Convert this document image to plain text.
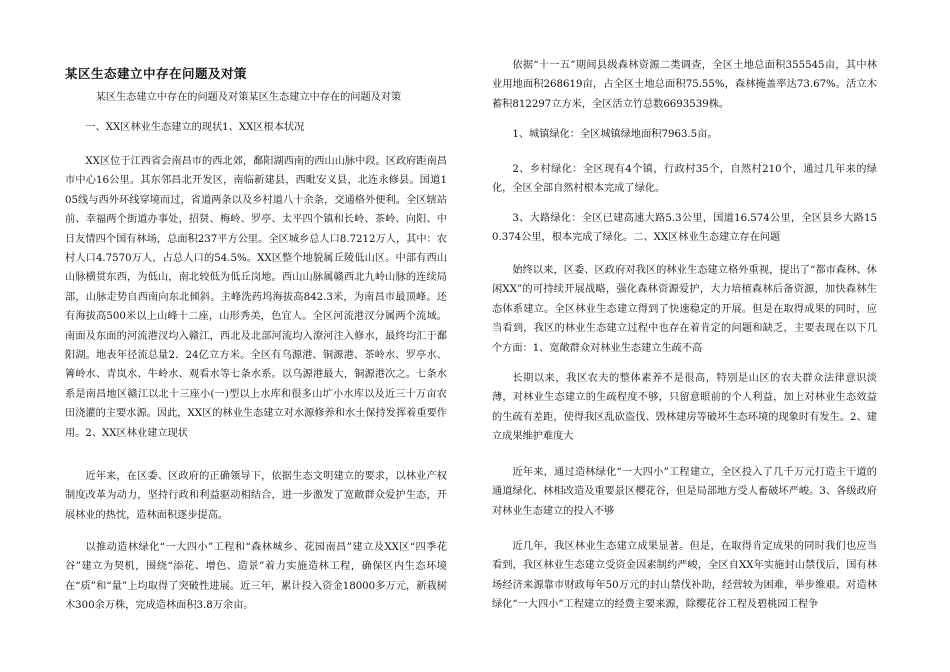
某区生态建立中存在问题及对策

某区生态建立中存在的问题及对策某区生态建立中存在的问题及对策

一、XX区林业生态建立的现状1、XX区根本状况

XX区位于江西省会南昌市的西北郊，鄱阳湖西南的西山山脉中段。区政府距南昌市中心16公里。其东邻昌北开发区，南临新建县，西毗安义县，北连永修县。国道105线与西外环线穿境而过，省道两条以及乡村道八十余条，交通格外便利。全区辖站前、幸福两个街道办事处，招贤、梅岭、罗亭、太平四个镇和长岭、茶岭、向阳、中日友情四个国有林场，总面积237平方公里。全区城乡总人口8.7212万人，其中：农村人口4.7570万人，占总人口的54.5%。XX区整个地貌属丘陵低山区。中部有西山山脉横贯东西，为低山，南北较低为低丘岗地。西山山脉属赣西北九岭山脉的连续局部，山脉走势自西南向东北倾斜。主峰洗药坞海拔高842.3米，为南昌市最顶峰。还有海拔高500米以上山峰十二座，山形秀美，色宜人。全区河流港汊分属两个流域。南面及东面的河流港汊均入赣江，西北及北部河流均入潦河注入修水，最终均汇于鄱阳湖。地表年径流总量2．24亿立方米。全区有乌源港、铜源港、茶岭水、罗亭水、箐岭水、青岚水、牛岭水、观看水等七条水系。以乌源港最大，铜源港次之。七条水系是南昌地区赣江以北十三座小(一)型以上水库和很多山圹小水库以及近三十万亩农田浇灌的主要水源。因此，XX区的林业生态建立对水源修养和水土保持发挥着重要作用。2、XX区林业建立现状

近年来，在区委、区政府的正确领导下，依据生态文明建立的要求，以林业产权制度改革为动力，坚持行政和利益驱动相结合，进一步激发了宽敞群众爱护生态，开展林业的热忱，造林面积逐步提高。

以推动造林绿化“一大四小”工程和“森林城乡、花园南昌”建立及XX区“四季花谷”建立为契机，围绕“添花、增色、造景”着力实施造林工程，确保区内生态环境在“质”和“量”上均取得了突破性进展。近三年，累计投入资金18000多万元，新栽树木300余万株，完成造林面积3.8万余亩。

依据“十一五”期间县级森林资源二类调查，全区土地总面积355545亩，其中林业用地面积268619亩，占全区土地总面积75.55%，森林掩盖率达73.67%。活立木蓄积812297立方米，全区活立竹总数6693539株。

1、城镇绿化：全区城镇绿地面积7963.5亩。

2、乡村绿化：全区现有4个镇，行政村35个，自然村210个，通过几年来的绿化，全区全部自然村根本完成了绿化。

3、大路绿化：全区已建高速大路5.3公里，国道16.574公里，全区县乡大路150.374公里，根本完成了绿化。二、XX区林业生态建立存在问题

始终以来，区委、区政府对我区的林业生态建立格外重视，提出了“都市森林、休闲XX”的可持续开展战略，强化森林资源爱护，大力培植森林后备资源，加快森林生态体系建立。全区林业生态建立得到了快速稳定的开展。但是在取得成果的同时，应当看到，我区的林业生态建立过程中也存在着肯定的问题和缺乏，主要表现在以下几个方面：1、宽敞群众对林业生态建立生疏不高

长期以来，我区农夫的整体素养不是很高，特别是山区的农夫群众法律意识淡薄，对林业生态建立的生疏程度不够，只留意眼前的个人利益，加上对林业生态效益的生疏有差距，使得我区乱砍盗伐、毁林建房等破坏生态环境的现象时有发生。2、建立成果维护难度大

近年来，通过造林绿化“一大四小”工程建立，全区投入了几千万元打造主干道的通道绿化、林相改造及重要景区樱花谷，但是局部地方受人畜破坏严峻。3、各级政府对林业生态建立的投入不够

近几年，我区林业生态建立成果显著。但是，在取得肯定成果的同时我们也应当看到，我区林业生态建立受资金因素制约严峻，全区自XX年实施封山禁伐后，国有林场经济来源靠市财政每年50万元的封山禁伐补助，经营较为困难，举步维艰。对造林绿化“一大四小”工程建立的经费主要来源，除樱花谷工程及碧桃园工程争
